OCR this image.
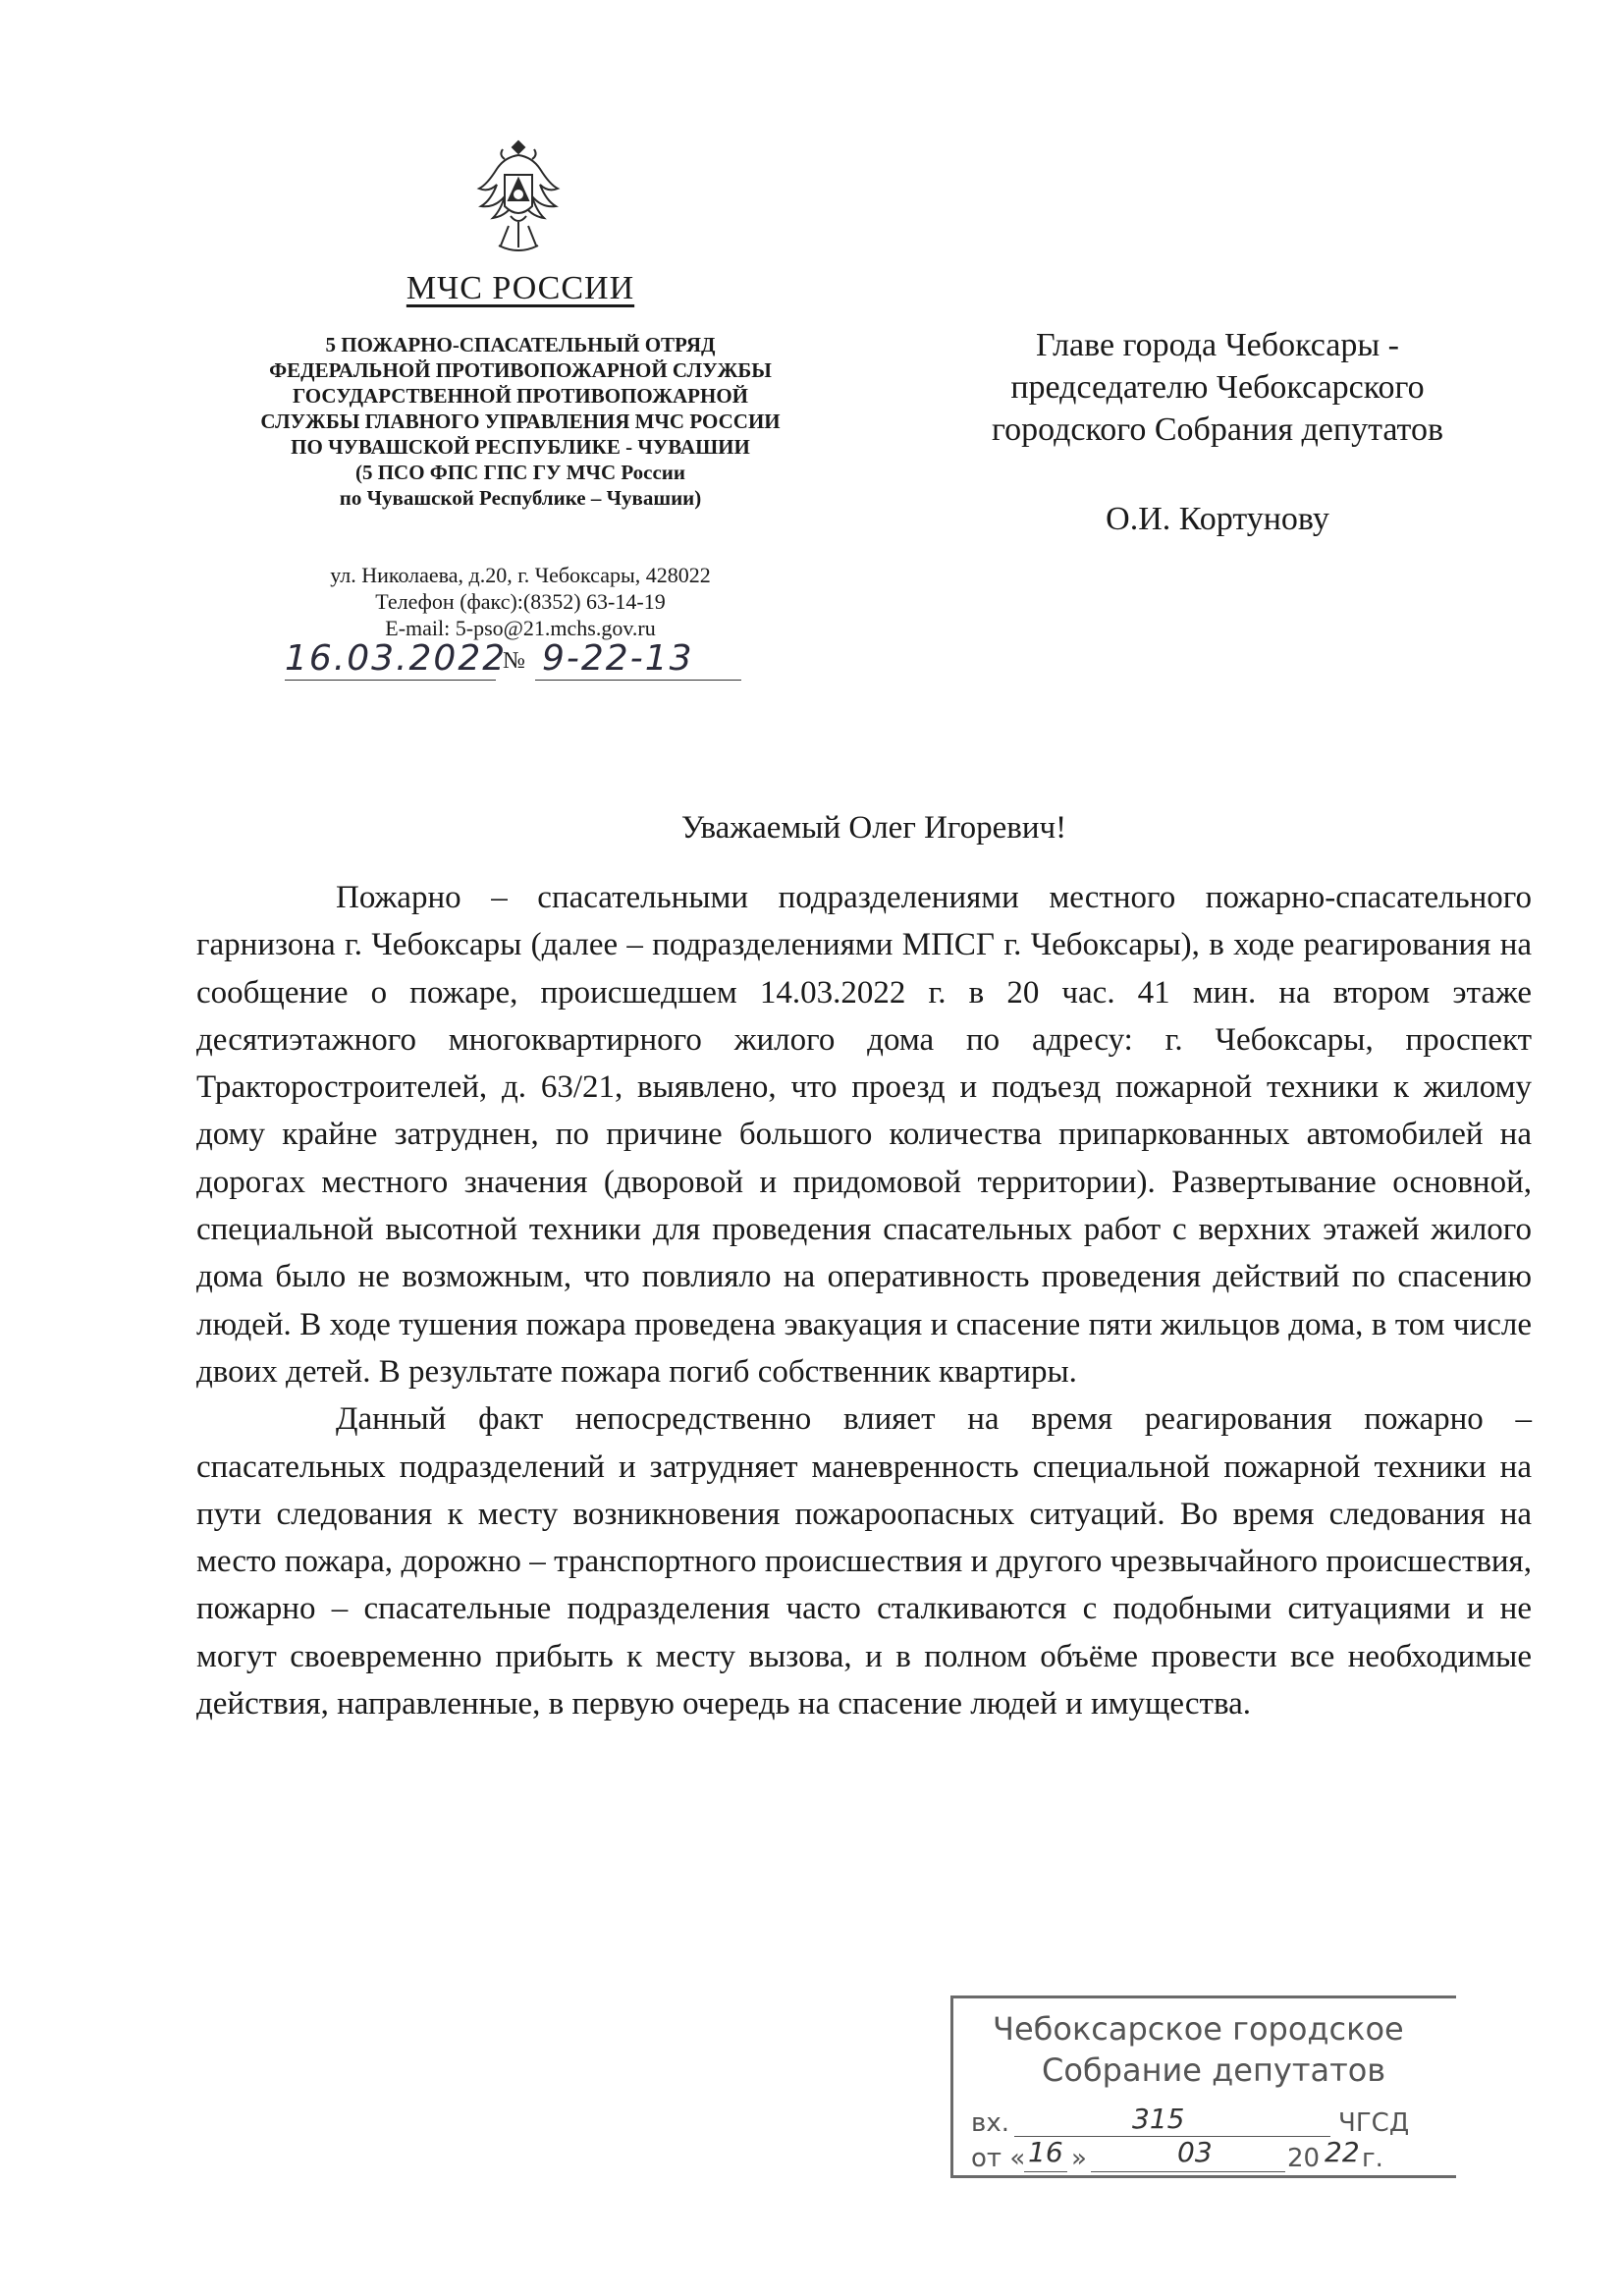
МЧС РОССИИ
5 ПОЖАРНО-СПАСАТЕЛЬНЫЙ ОТРЯД
ФЕДЕРАЛЬНОЙ ПРОТИВОПОЖАРНОЙ СЛУЖБЫ
ГОСУДАРСТВЕННОЙ ПРОТИВОПОЖАРНОЙ
СЛУЖБЫ ГЛАВНОГО УПРАВЛЕНИЯ МЧС РОССИИ
ПО ЧУВАШСКОЙ РЕСПУБЛИКЕ - ЧУВАШИИ
(5 ПСО ФПС ГПС ГУ МЧС России
по Чувашской Республике – Чувашии)
ул. Николаева, д.20, г. Чебоксары, 428022
Телефон (факс):(8352) 63-14-19
E-mail: 5-pso@21.mchs.gov.ru
16.03.2022
№ 9-22-13
Главе города Чебоксары -
председателю Чебоксарского
городского Собрания депутатов
О.И. Кортунову
Уважаемый Олег Игоревич!

Пожарно – спасательными подразделениями местного пожарно-спасательного гарнизона г. Чебоксары (далее – подразделениями МПСГ г. Чебоксары), в ходе реагирования на сообщение о пожаре, происшедшем 14.03.2022 г. в 20 час. 41 мин. на втором этаже десятиэтажного многоквартирного жилого дома по адресу: г. Чебоксары, проспект Тракторостроителей, д. 63/21, выявлено, что проезд и подъезд пожарной техники к жилому дому крайне затруднен, по причине большого количества припаркованных автомобилей на дорогах местного значения (дворовой и придомовой территории). Развертывание основной, специальной высотной техники для проведения спасательных работ с верхних этажей жилого дома было не возможным, что повлияло на оперативность проведения действий по спасению людей. В ходе тушения пожара проведена эвакуация и спасение пяти жильцов дома, в том числе двоих детей. В результате пожара погиб собственник квартиры.

Данный факт непосредственно влияет на время реагирования пожарно – спасательных подразделений и затрудняет маневренность специальной пожарной техники на пути следования к месту возникновения пожароопасных ситуаций. Во время следования на место пожара, дорожно – транспортного происшествия и другого чрезвычайного происшествия, пожарно – спасательные подразделения часто сталкиваются с подобными ситуациями и не могут своевременно прибыть к месту вызова, и в полном объёме провести все необходимые действия, направленные, в первую очередь на спасение людей и имущества.

Чебоксарское городское
Собрание депутатов
вх.	315	ЧГСД
от « 16 »	03	20 22 г.
